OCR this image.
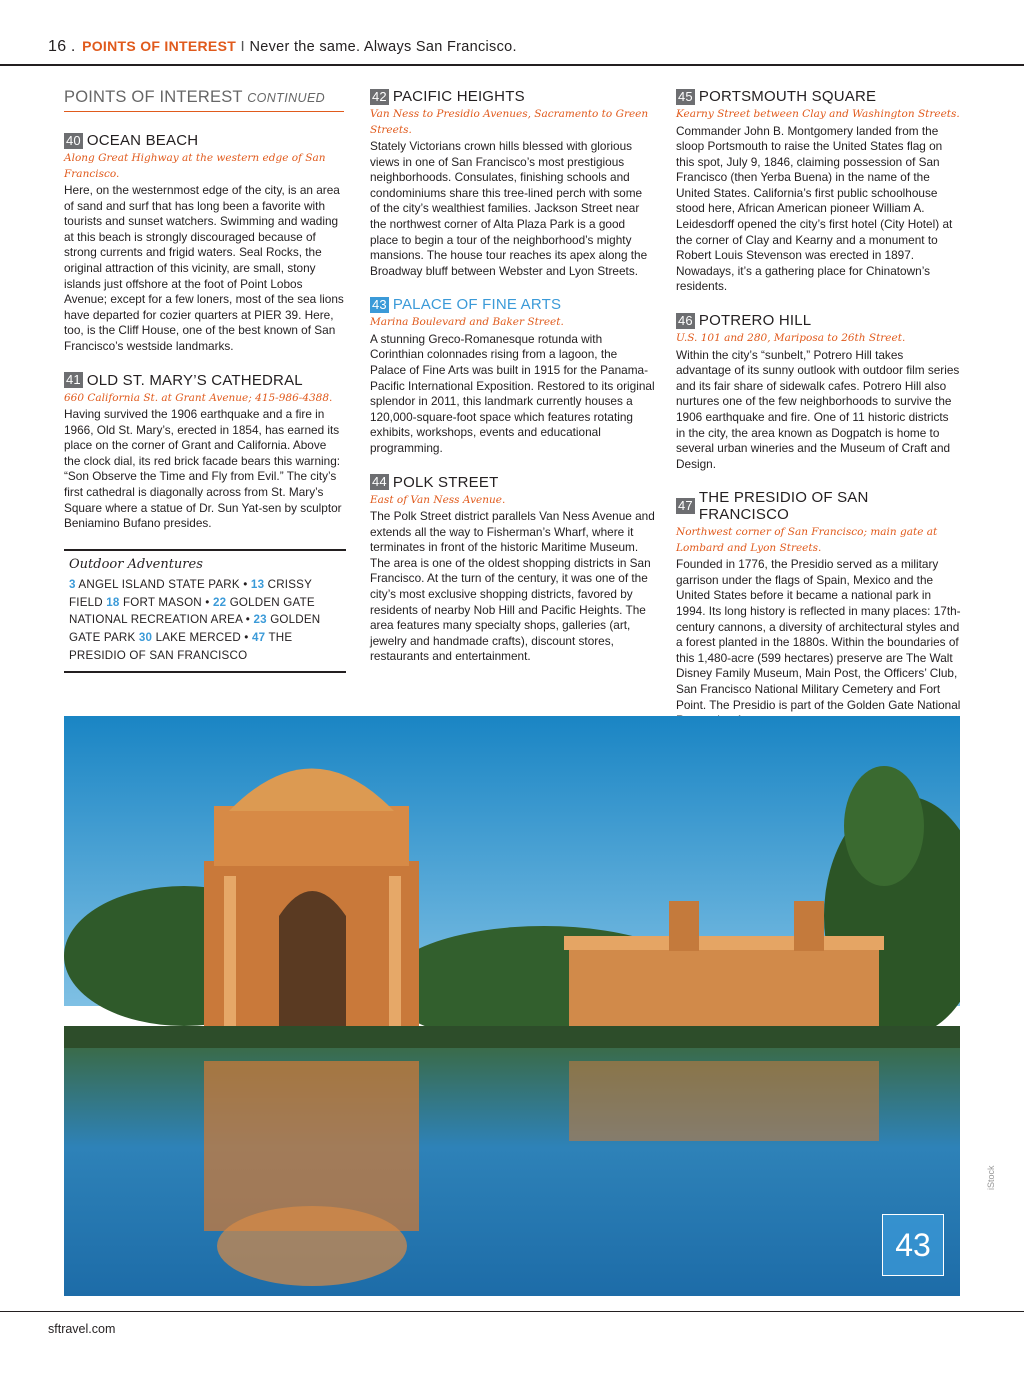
16 . POINTS OF INTEREST I Never the same. Always San Francisco.
POINTS OF INTEREST CONTINUED
40 OCEAN BEACH
Along Great Highway at the western edge of San Francisco.

Here, on the westernmost edge of the city, is an area of sand and surf that has long been a favorite with tourists and sunset watchers. Swimming and wading at this beach is strongly discouraged because of strong currents and frigid waters. Seal Rocks, the original attraction of this vicinity, are small, stony islands just offshore at the foot of Point Lobos Avenue; except for a few loners, most of the sea lions have departed for cozier quarters at PIER 39. Here, too, is the Cliff House, one of the best known of San Francisco’s westside landmarks.

41 OLD ST. MARY’S CATHEDRAL
660 California St. at Grant Avenue; 415-986-4388.

Having survived the 1906 earthquake and a fire in 1966, Old St. Mary’s, erected in 1854, has earned its place on the corner of Grant and California. Above the clock dial, its red brick facade bears this warning: “Son Observe the Time and Fly from Evil.” The city’s first cathedral is diagonally across from St. Mary’s Square where a statue of Dr. Sun Yat-sen by sculptor Beniamino Bufano presides.

Outdoor Adventures
3 ANGEL ISLAND STATE PARK • 13 CRISSY FIELD 18 FORT MASON • 22 GOLDEN GATE NATIONAL RECREATION AREA • 23 GOLDEN GATE PARK 30 LAKE MERCED • 47 THE PRESIDIO OF SAN FRANCISCO
42 PACIFIC HEIGHTS
Van Ness to Presidio Avenues, Sacramento to Green Streets.

Stately Victorians crown hills blessed with glorious views in one of San Francisco’s most prestigious neighborhoods. Consulates, finishing schools and condominiums share this tree-lined perch with some of the city’s wealthiest families. Jackson Street near the northwest corner of Alta Plaza Park is a good place to begin a tour of the neighborhood’s mighty mansions. The house tour reaches its apex along the Broadway bluff between Webster and Lyon Streets.

43 PALACE OF FINE ARTS
Marina Boulevard and Baker Street.

A stunning Greco-Romanesque rotunda with Corinthian colonnades rising from a lagoon, the Palace of Fine Arts was built in 1915 for the Panama-Pacific International Exposition. Restored to its original splendor in 2011, this landmark currently houses a 120,000-square-foot space which features rotating exhibits, workshops, events and educational programming.

44 POLK STREET
East of Van Ness Avenue.

The Polk Street district parallels Van Ness Avenue and extends all the way to Fisherman’s Wharf, where it terminates in front of the historic Maritime Museum. The area is one of the oldest shopping districts in San Francisco. At the turn of the century, it was one of the city’s most exclusive shopping districts, favored by residents of nearby Nob Hill and Pacific Heights. The area features many specialty shops, galleries (art, jewelry and handmade crafts), discount stores, restaurants and entertainment.

45 PORTSMOUTH SQUARE
Kearny Street between Clay and Washington Streets.

Commander John B. Montgomery landed from the sloop Portsmouth to raise the United States flag on this spot, July 9, 1846, claiming possession of San Francisco (then Yerba Buena) in the name of the United States. California’s first public schoolhouse stood here, African American pioneer William A. Leidesdorff opened the city’s first hotel (City Hotel) at the corner of Clay and Kearny and a monument to Robert Louis Stevenson was erected in 1897. Nowadays, it’s a gathering place for Chinatown’s residents.

46 POTRERO HILL
U.S. 101 and 280, Mariposa to 26th Street.

Within the city’s “sunbelt,” Potrero Hill takes advantage of its sunny outlook with outdoor film series and its fair share of sidewalk cafes. Potrero Hill also nurtures one of the few neighborhoods to survive the 1906 earthquake and fire. One of 11 historic districts in the city, the area known as Dogpatch is home to several urban wineries and the Museum of Craft and Design.

47 THE PRESIDIO OF SAN FRANCISCO
Northwest corner of San Francisco; main gate at Lombard and Lyon Streets.

Founded in 1776, the Presidio served as a military garrison under the flags of Spain, Mexico and the United States before it became a national park in 1994. Its long history is reflected in many places: 17th-century cannons, a diversity of architectural styles and a forest planted in the 1880s. Within the boundaries of this 1,480-acre (599 hectares) preserve are The Walt Disney Family Museum, Main Post, the Officers’ Club, San Francisco National Military Cemetery and Fort Point. The Presidio is part of the Golden Gate National

43
iStock
sftravel.com
